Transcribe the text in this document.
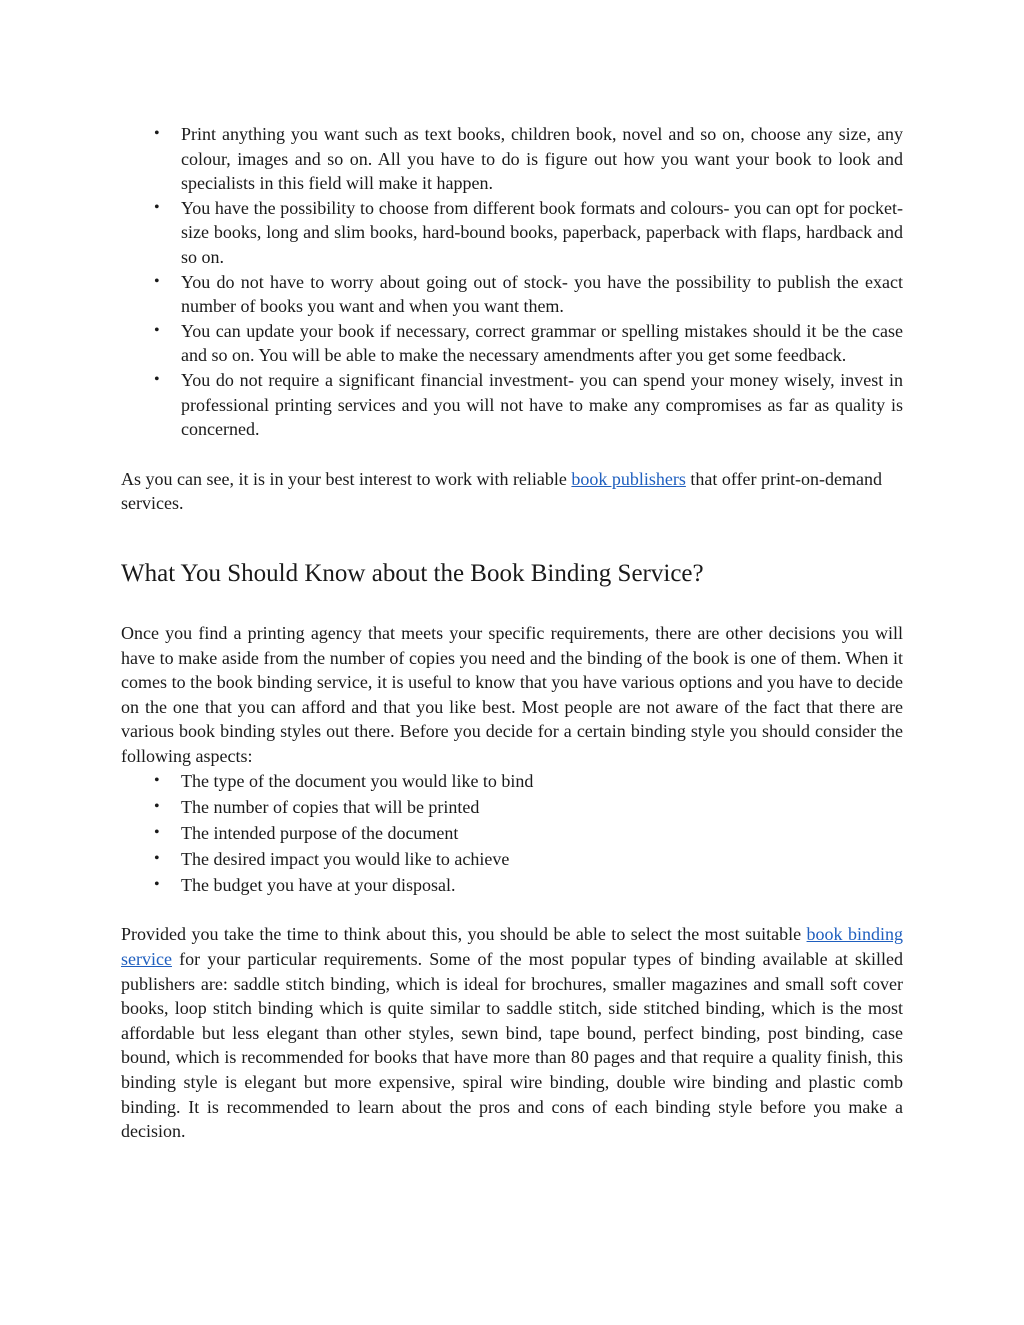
• Print anything you want such as text books, children book, novel and so on, choose any size, any colour, images and so on. All you have to do is figure out how you want your book to look and specialists in this field will make it happen.
• You have the possibility to choose from different book formats and colours- you can opt for pocket-size books, long and slim books, hard-bound books, paperback, paperback with flaps, hardback and so on.
• You do not have to worry about going out of stock- you have the possibility to publish the exact number of books you want and when you want them.
• You can update your book if necessary, correct grammar or spelling mistakes should it be the case and so on. You will be able to make the necessary amendments after you get some feedback.
• You do not require a significant financial investment- you can spend your money wisely, invest in professional printing services and you will not have to make any compromises as far as quality is concerned.

As you can see, it is in your best interest to work with reliable book publishers that offer print-on-demand services.

What You Should Know about the Book Binding Service?

Once you find a printing agency that meets your specific requirements, there are other decisions you will have to make aside from the number of copies you need and the binding of the book is one of them. When it comes to the book binding service, it is useful to know that you have various options and you have to decide on the one that you can afford and that you like best. Most people are not aware of the fact that there are various book binding styles out there. Before you decide for a certain binding style you should consider the following aspects:

• The type of the document you would like to bind
• The number of copies that will be printed
• The intended purpose of the document
• The desired impact you would like to achieve
• The budget you have at your disposal.

Provided you take the time to think about this, you should be able to select the most suitable book binding service for your particular requirements. Some of the most popular types of binding available at skilled publishers are: saddle stitch binding, which is ideal for brochures, smaller magazines and small soft cover books, loop stitch binding which is quite similar to saddle stitch, side stitched binding, which is the most affordable but less elegant than other styles, sewn bind, tape bound, perfect binding, post binding, case bound, which is recommended for books that have more than 80 pages and that require a quality finish, this binding style is elegant but more expensive, spiral wire binding, double wire binding and plastic comb binding. It is recommended to learn about the pros and cons of each binding style before you make a decision.
